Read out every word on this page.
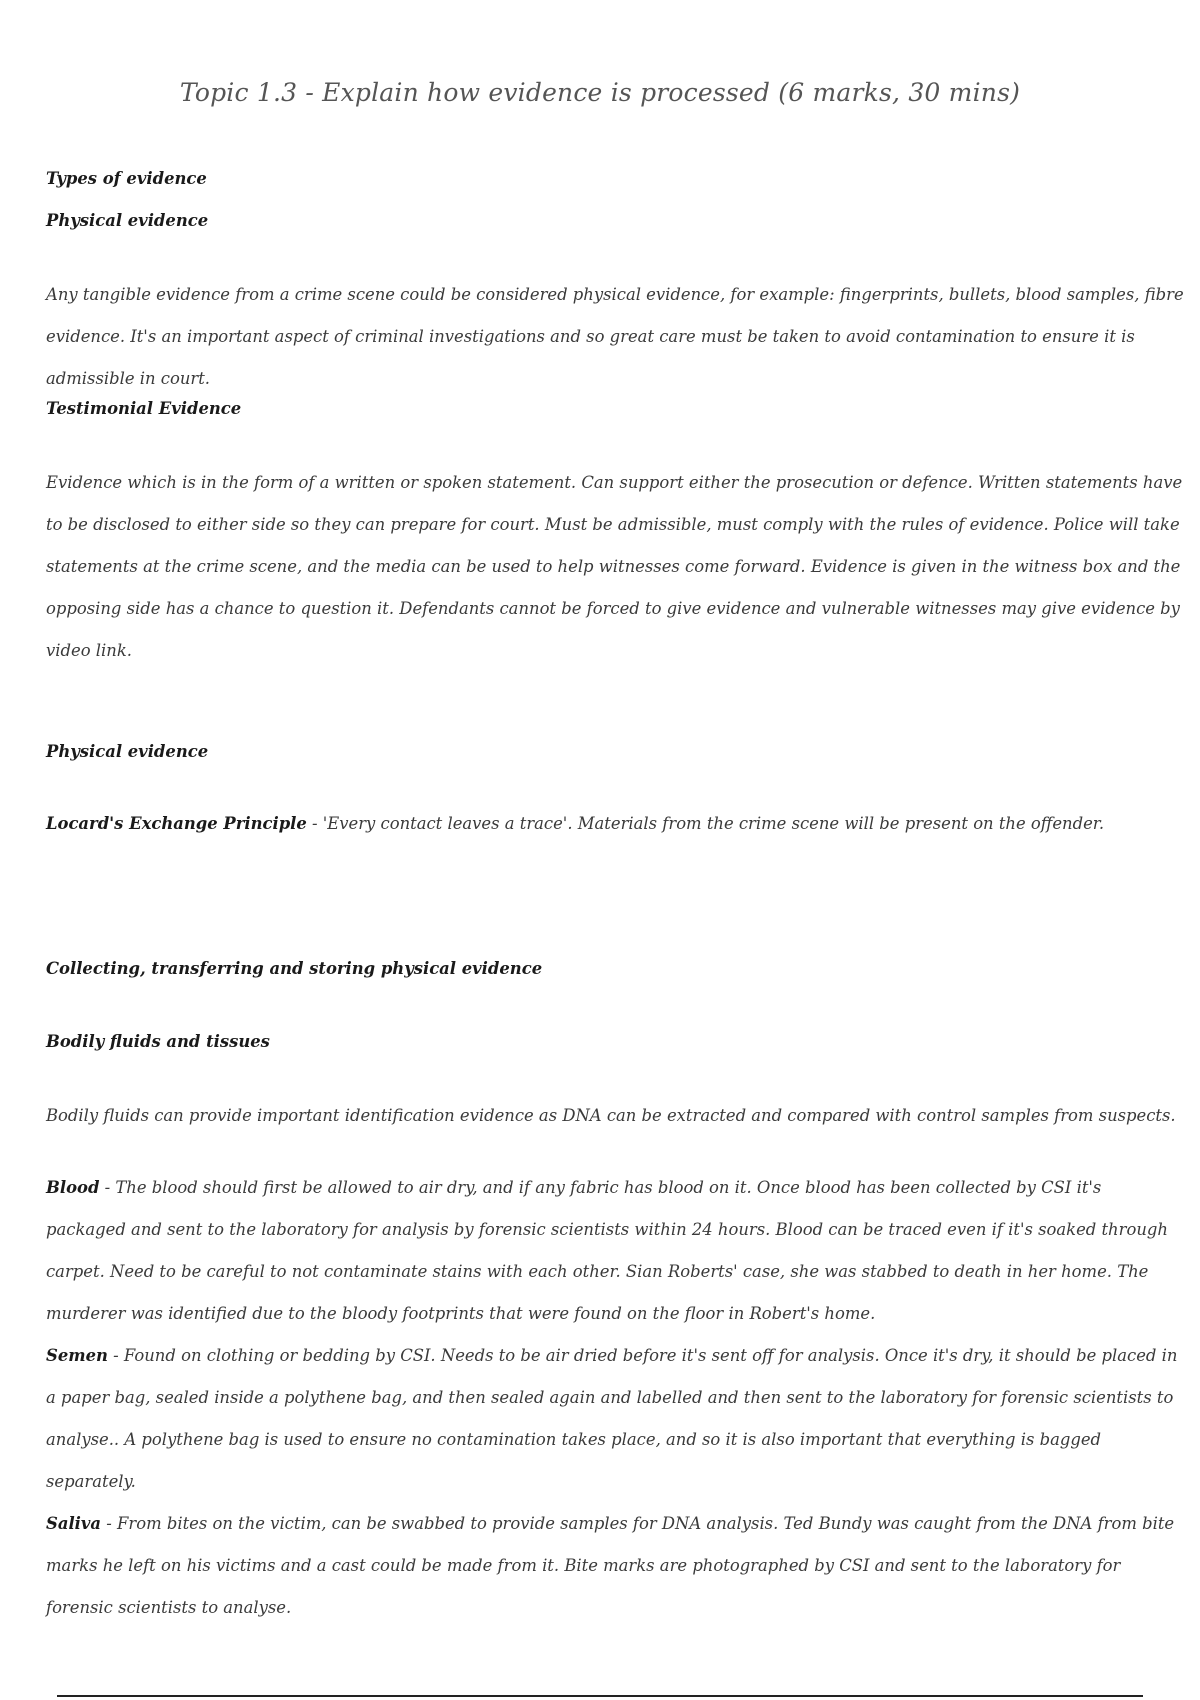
Topic 1.3 - Explain how evidence is processed (6 marks, 30 mins)
Types of evidence
Physical evidence
Any tangible evidence from a crime scene could be considered physical evidence, for example: fingerprints, bullets, blood samples, fibre evidence. It's an important aspect of criminal investigations and so great care must be taken to avoid contamination to ensure it is admissible in court.
Testimonial Evidence
Evidence which is in the form of a written or spoken statement. Can support either the prosecution or defence. Written statements have to be disclosed to either side so they can prepare for court. Must be admissible, must comply with the rules of evidence. Police will take statements at the crime scene, and the media can be used to help witnesses come forward. Evidence is given in the witness box and the opposing side has a chance to question it. Defendants cannot be forced to give evidence and vulnerable witnesses may give evidence by video link.
Physical evidence
Locard's Exchange Principle - 'Every contact leaves a trace'. Materials from the crime scene will be present on the offender.
Collecting, transferring and storing physical evidence
Bodily fluids and tissues
Bodily fluids can provide important identification evidence as DNA can be extracted and compared with control samples from suspects.
Blood - The blood should first be allowed to air dry, and if any fabric has blood on it. Once blood has been collected by CSI it's packaged and sent to the laboratory for analysis by forensic scientists within 24 hours. Blood can be traced even if it's soaked through carpet. Need to be careful to not contaminate stains with each other. Sian Roberts' case, she was stabbed to death in her home. The murderer was identified due to the bloody footprints that were found on the floor in Robert's home.
Semen - Found on clothing or bedding by CSI. Needs to be air dried before it's sent off for analysis. Once it's dry, it should be placed in a paper bag, sealed inside a polythene bag, and then sealed again and labelled and then sent to the laboratory for forensic scientists to analyse.. A polythene bag is used to ensure no contamination takes place, and so it is also important that everything is bagged separately.
Saliva - From bites on the victim, can be swabbed to provide samples for DNA analysis. Ted Bundy was caught from the DNA from bite marks he left on his victims and a cast could be made from it. Bite marks are photographed by CSI and sent to the laboratory for forensic scientists to analyse.
